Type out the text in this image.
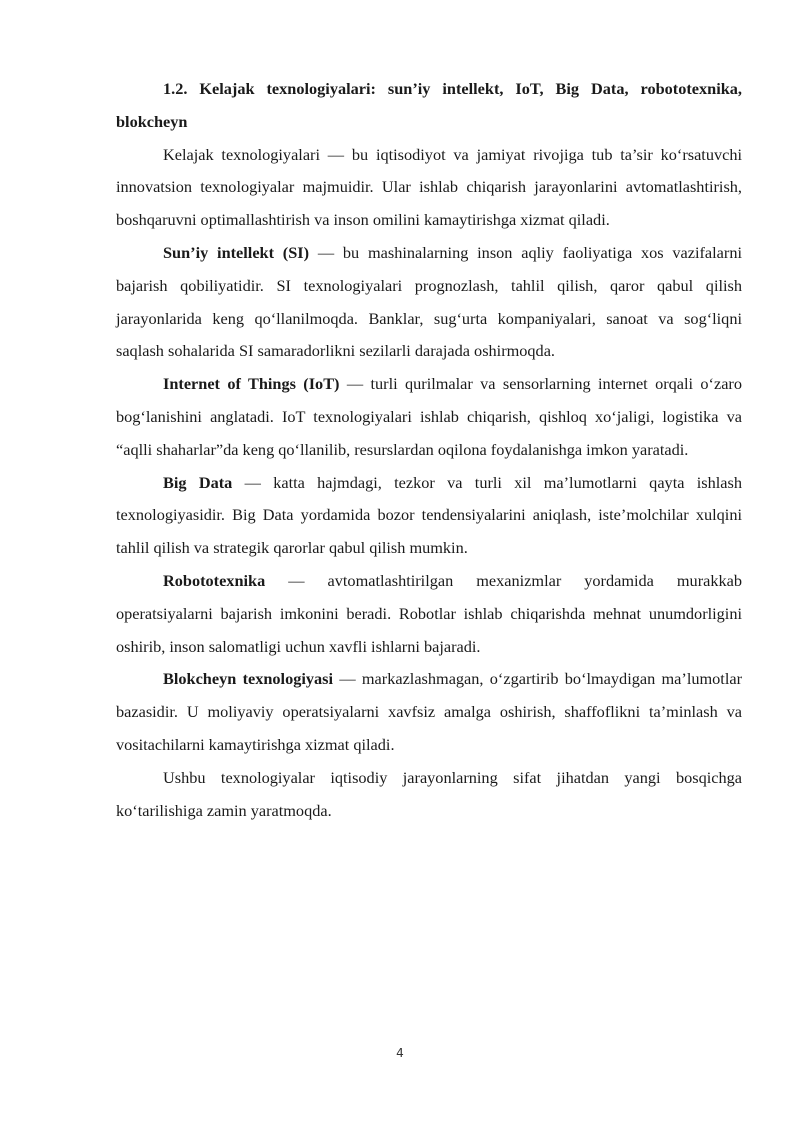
1.2. Kelajak texnologiyalari: sun’iy intellekt, IoT, Big Data, robototexnika, blokcheyn

Kelajak texnologiyalari — bu iqtisodiyot va jamiyat rivojiga tub ta’sir ko‘rsatuvchi innovatsion texnologiyalar majmuidir. Ular ishlab chiqarish jarayonlarini avtomatlashtirish, boshqaruvni optimallashtirish va inson omilini kamaytirishga xizmat qiladi.

Sun’iy intellekt (SI) — bu mashinalarning inson aqliy faoliyatiga xos vazifalarni bajarish qobiliyatidir. SI texnologiyalari prognozlash, tahlil qilish, qaror qabul qilish jarayonlarida keng qo‘llanilmoqda. Banklar, sug‘urta kompaniyalari, sanoat va sog‘liqni saqlash sohalarida SI samaradorlikni sezilarli darajada oshirmoqda.

Internet of Things (IoT) — turli qurilmalar va sensorlarning internet orqali o‘zaro bog‘lanishini anglatadi. IoT texnologiyalari ishlab chiqarish, qishloq xo‘jaligi, logistika va “aqlli shaharlar”da keng qo‘llanilib, resurslardan oqilona foydalanishga imkon yaratadi.

Big Data — katta hajmdagi, tezkor va turli xil ma’lumotlarni qayta ishlash texnologiyasidir. Big Data yordamida bozor tendensiyalarini aniqlash, iste’molchilar xulqini tahlil qilish va strategik qarorlar qabul qilish mumkin.

Robototexnika — avtomatlashtirilgan mexanizmlar yordamida murakkab operatsiyalarni bajarish imkonini beradi. Robotlar ishlab chiqarishda mehnat unumdorligini oshirib, inson salomatligi uchun xavfli ishlarni bajaradi.

Blokcheyn texnologiyasi — markazlashmagan, o‘zgartirib bo‘lmaydigan ma’lumotlar bazasidir. U moliyaviy operatsiyalarni xavfsiz amalga oshirish, shaffoflikni ta’minlash va vositachilarni kamaytirishga xizmat qiladi.

Ushbu texnologiyalar iqtisodiy jarayonlarning sifat jihatdan yangi bosqichga ko‘tarilishiga zamin yaratmoqda.

4
